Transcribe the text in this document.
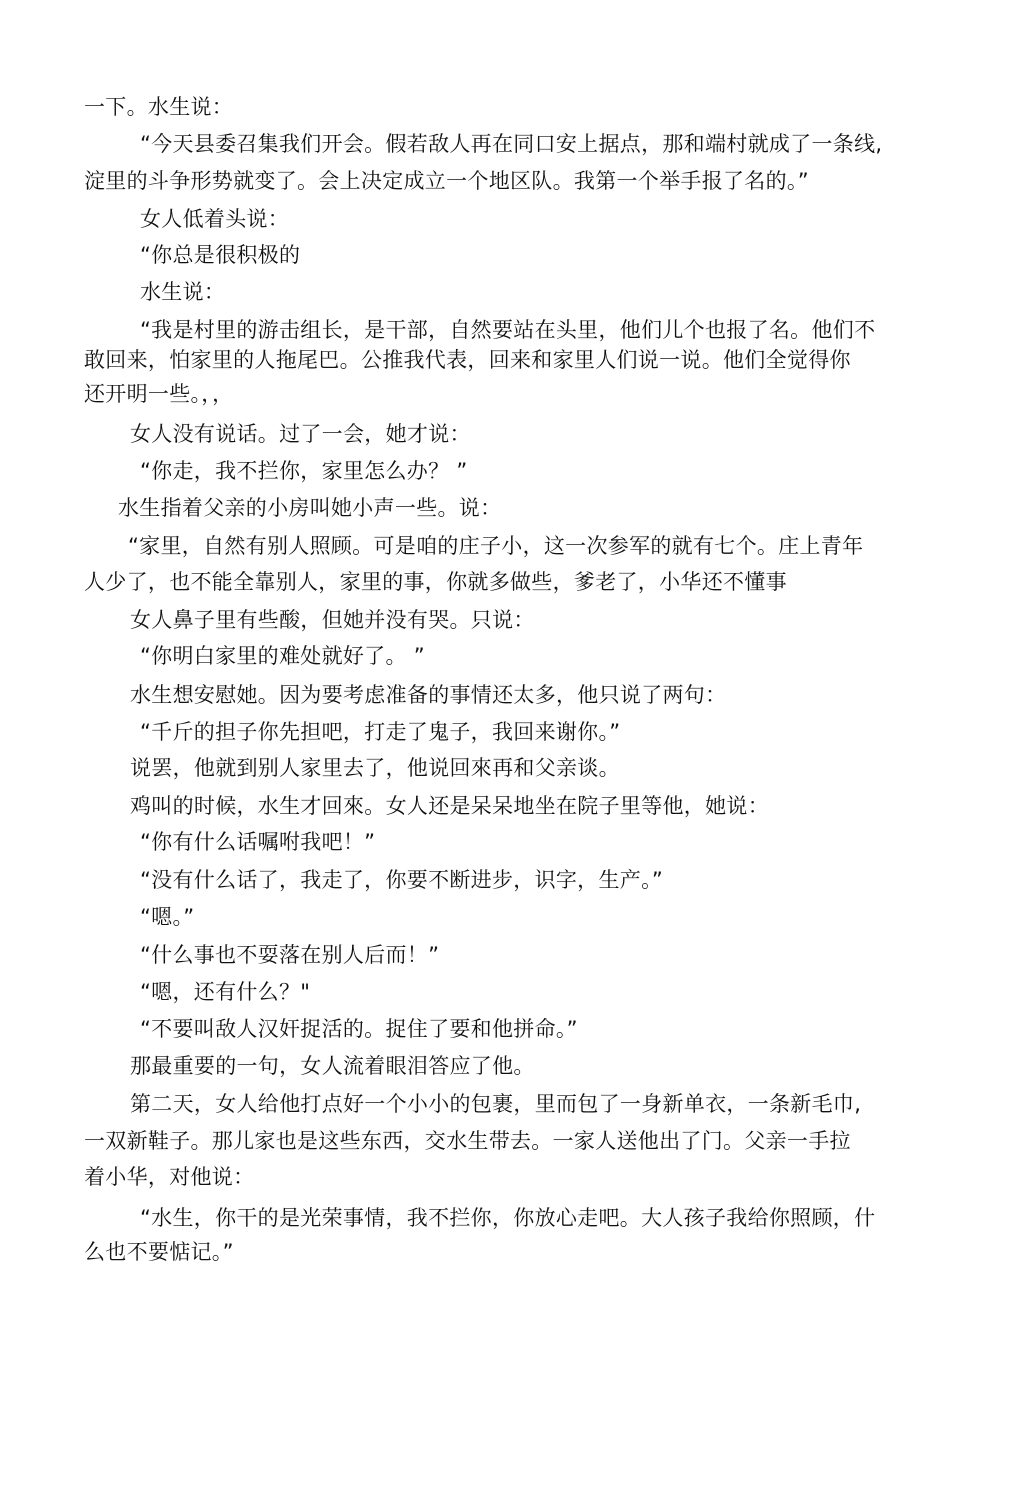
一下。水生说：
“今天县委召集我们开会。假若敌人再在同口安上据点，那和端村就成了一条线,
淀里的斗争形势就变了。会上决定成立一个地区队。我第一个举手报了名的。”
女人低着头说：
“你总是很积极的
水生说：
“我是村里的游击组长，是干部，自然要站在头里，他们儿个也报了名。他们不
敢回来，怕家里的人拖尾巴。公推我代表，回来和家里人们说一说。他们全觉得你
还开明一些。，，
女人没有说话。过了一会，她才说：
“你走，我不拦你，家里怎么办？ ”
水生指着父亲的小房叫她小声一些。说：
“家里，自然有别人照顾。可是咱的庄子小，这一次参军的就有七个。庄上青年
人少了，也不能全靠别人，家里的事，你就多做些，爹老了，小华还不懂事
女人鼻子里有些酸，但她并没有哭。只说：
“你明白家里的难处就好了。 ”
水生想安慰她。因为要考虑准备的事情还太多，他只说了两句：
“千斤的担子你先担吧，打走了鬼子，我回来谢你。”
说罢，他就到别人家里去了，他说回來再和父亲谈。
鸡叫的时候，水生才回來。女人还是呆呆地坐在院子里等他，她说：
“你有什么话嘱咐我吧！”
“没有什么话了，我走了，你要不断进步，识字，生产。”
“嗯。”
“什么事也不耍落在别人后而！”
“嗯，还有什么？"
“不要叫敌人汉奸捉活的。捉住了要和他拼命。”
那最重要的一句，女人流着眼泪答应了他。
第二天，女人给他打点好一个小小的包裹，里而包了一身新单衣，一条新毛巾,
一双新鞋子。那儿家也是这些东西，交水生带去。一家人送他出了门。父亲一手拉
着小华，对他说：
“水生，你干的是光荣事情，我不拦你，你放心走吧。大人孩子我给你照顾，什
么也不要惦记。”
